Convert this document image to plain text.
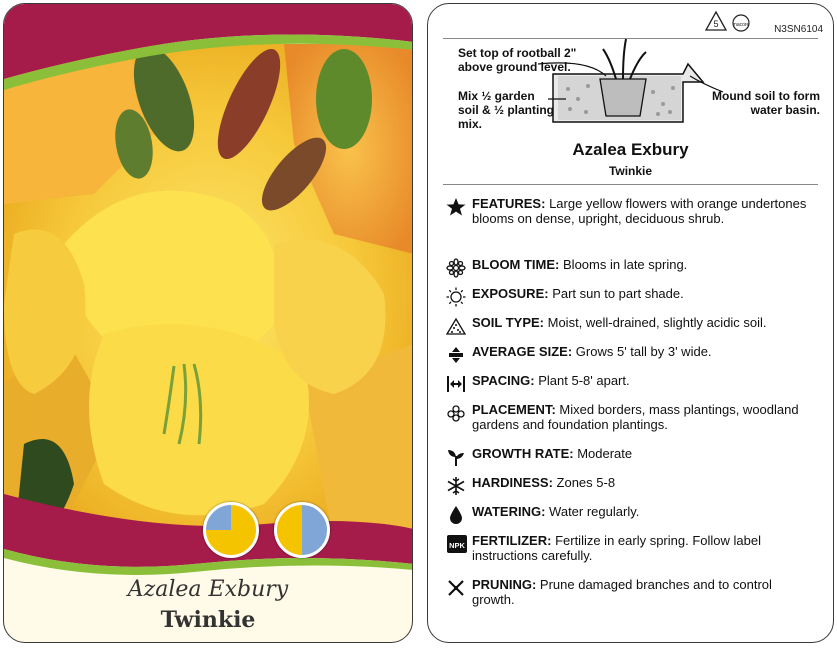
Azalea Exbury
Twinkie
5	macore N3SN6104
Set top of rootball 2" above ground level.
Mix ½ garden soil & ½ planting mix.
Mound soil to form water basin.
Azalea Exbury
Twinkie
FEATURES: Large yellow flowers with orange undertones blooms on dense, upright, deciduous shrub.
BLOOM TIME: Blooms in late spring.
EXPOSURE: Part sun to part shade.
SOIL TYPE: Moist, well-drained, slightly acidic soil.
AVERAGE SIZE: Grows 5' tall by 3' wide.
SPACING: Plant 5-8' apart.
PLACEMENT: Mixed borders, mass plantings, woodland gardens and foundation plantings.
GROWTH RATE: Moderate
HARDINESS: Zones 5-8
WATERING: Water regularly.
NPK FERTILIZER: Fertilize in early spring. Follow label instructions carefully.
PRUNING: Prune damaged branches and to control growth.
